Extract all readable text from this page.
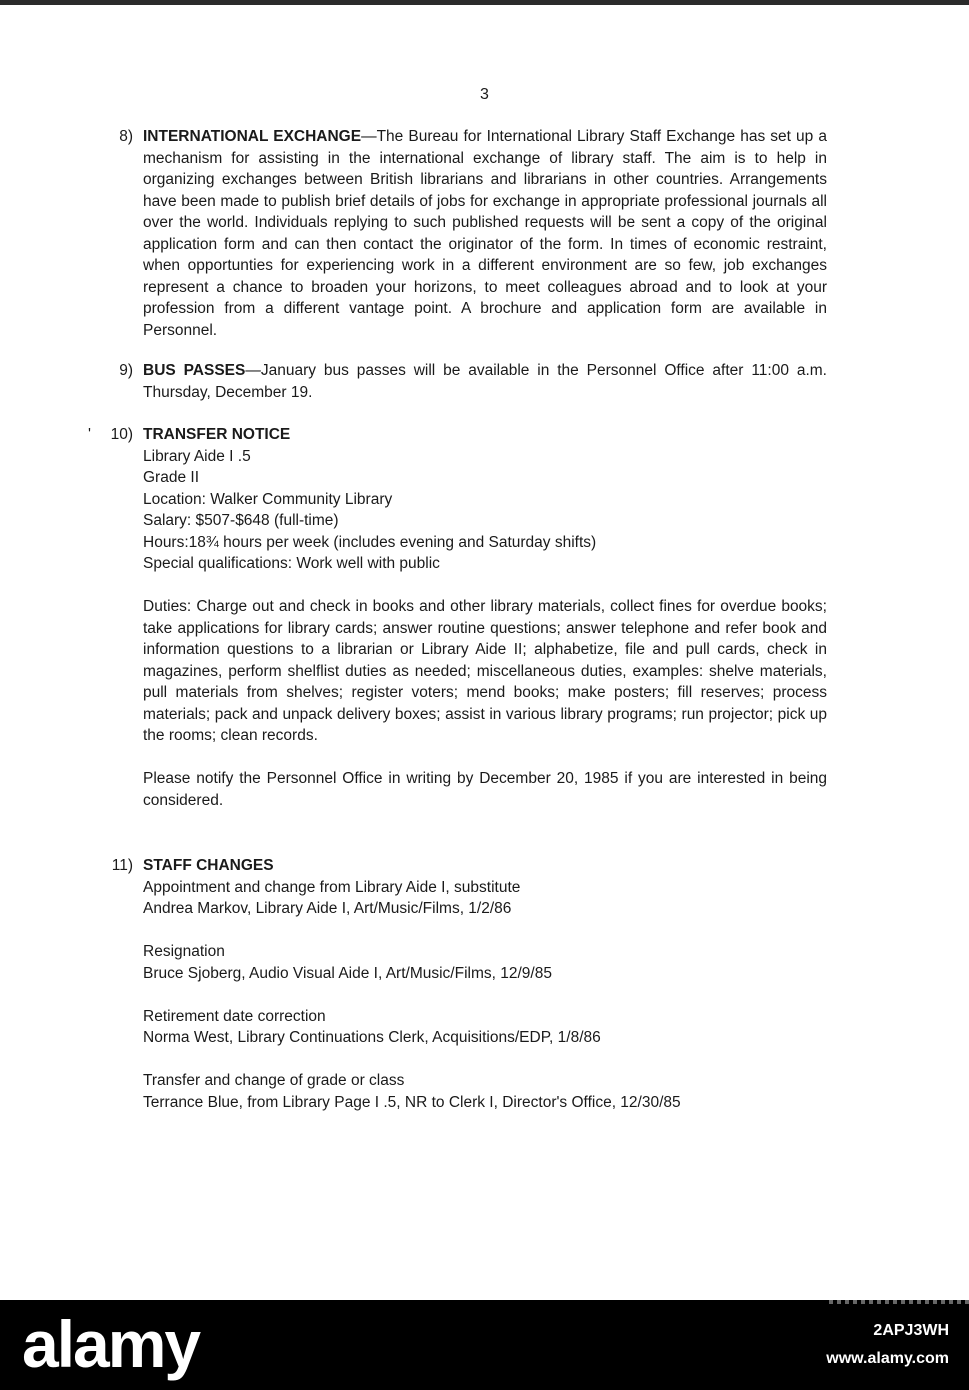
3
8) INTERNATIONAL EXCHANGE—The Bureau for International Library Staff Exchange has set up a mechanism for assisting in the international exchange of library staff. The aim is to help in organizing exchanges between British librarians and librarians in other countries. Arrangements have been made to publish brief details of jobs for exchange in appropriate professional journals all over the world. Individuals replying to such published requests will be sent a copy of the original application form and can then contact the originator of the form. In times of economic restraint, when opportunties for experiencing work in a different environment are so few, job exchanges represent a chance to broaden your horizons, to meet colleagues abroad and to look at your profession from a different vantage point. A brochure and application form are available in Personnel.
9) BUS PASSES—January bus passes will be available in the Personnel Office after 11:00 a.m. Thursday, December 19.
'	10) TRANSFER NOTICE

Library Aide I .5

Grade II

Location: Walker Community Library

Salary: $507-$648 (full-time)

Hours:18¾ hours per week (includes evening and Saturday shifts)

Special qualifications: Work well with public

Duties: Charge out and check in books and other library materials, collect fines for overdue books; take applications for library cards; answer routine questions; answer telephone and refer book and information questions to a librarian or Library Aide II; alphabetize, file and pull cards, check in magazines, perform shelflist duties as needed; miscellaneous duties, examples: shelve materials, pull materials from shelves; register voters; mend books; make posters; fill reserves; process materials; pack and unpack delivery boxes; assist in various library programs; run projector; pick up the rooms; clean records.

Please notify the Personnel Office in writing by December 20, 1985 if you are interested in being considered.

11) STAFF CHANGES

Appointment and change from Library Aide I, substitute

Andrea Markov, Library Aide I, Art/Music/Films, 1/2/86

Resignation

Bruce Sjoberg, Audio Visual Aide I, Art/Music/Films, 12/9/85

Retirement date correction

Norma West, Library Continuations Clerk, Acquisitions/EDP, 1/8/86

Transfer and change of grade or class

Terrance Blue, from Library Page I .5, NR to Clerk I, Director's Office, 12/30/85

alamy	2APJ3WH
www.alamy.com
